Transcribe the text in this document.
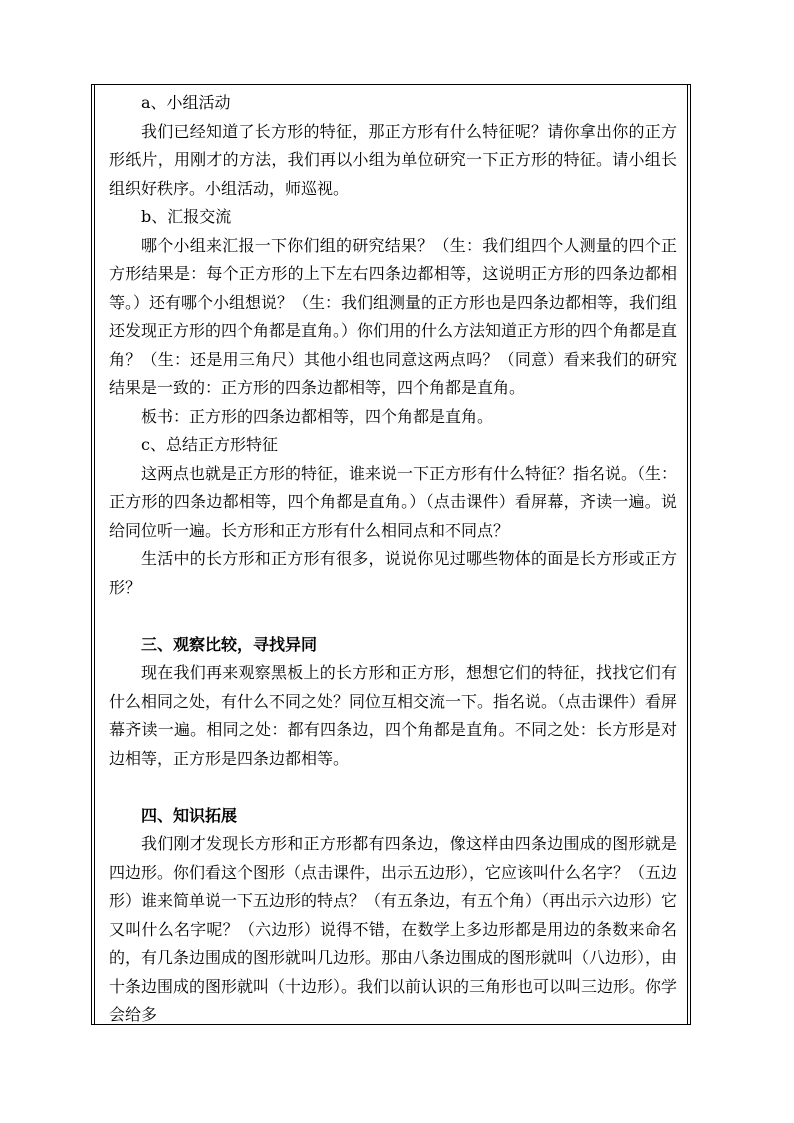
a、小组活动

我们已经知道了长方形的特征，那正方形有什么特征呢？请你拿出你的正方形纸片，用刚才的方法，我们再以小组为单位研究一下正方形的特征。请小组长组织好秩序。小组活动，师巡视。

b、汇报交流

哪个小组来汇报一下你们组的研究结果？（生：我们组四个人测量的四个正方形结果是：每个正方形的上下左右四条边都相等，这说明正方形的四条边都相等。）还有哪个小组想说？（生：我们组测量的正方形也是四条边都相等，我们组还发现正方形的四个角都是直角。）你们用的什么方法知道正方形的四个角都是直角？（生：还是用三角尺）其他小组也同意这两点吗？（同意）看来我们的研究结果是一致的：正方形的四条边都相等，四个角都是直角。

板书：正方形的四条边都相等，四个角都是直角。

c、总结正方形特征

这两点也就是正方形的特征，谁来说一下正方形有什么特征？指名说。（生：正方形的四条边都相等，四个角都是直角。）（点击课件）看屏幕，齐读一遍。说给同位听一遍。长方形和正方形有什么相同点和不同点？

生活中的长方形和正方形有很多，说说你见过哪些物体的面是长方形或正方形？

三、观察比较，寻找异同

现在我们再来观察黑板上的长方形和正方形，想想它们的特征，找找它们有什么相同之处，有什么不同之处？同位互相交流一下。指名说。（点击课件）看屏幕齐读一遍。相同之处：都有四条边，四个角都是直角。不同之处：长方形是对边相等，正方形是四条边都相等。

四、知识拓展

我们刚才发现长方形和正方形都有四条边，像这样由四条边围成的图形就是四边形。你们看这个图形（点击课件，出示五边形），它应该叫什么名字？（五边形）谁来简单说一下五边形的特点？（有五条边，有五个角）（再出示六边形）它又叫什么名字呢？（六边形）说得不错，在数学上多边形都是用边的条数来命名的，有几条边围成的图形就叫几边形。那由八条边围成的图形就叫（八边形），由十条边围成的图形就叫（十边形）。我们以前认识的三角形也可以叫三边形。你学会给多
